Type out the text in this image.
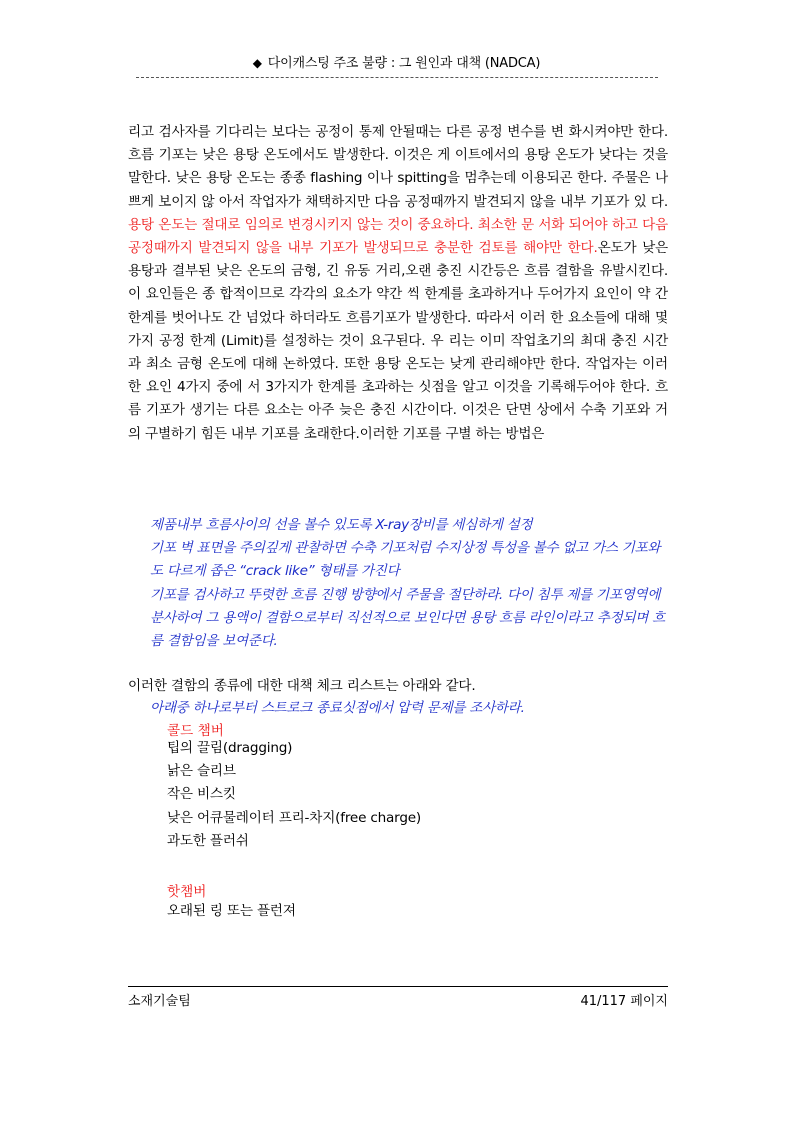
◆ 다이캐스팅 주조 불량 : 그 원인과 대책 (NADCA)
리고 검사자를 기다리는 보다는 공정이 통제 안될때는 다른 공정 변수를 변 화시켜야만 한다. 흐름 기포는 낮은 용탕 온도에서도 발생한다. 이것은 게 이트에서의 용탕 온도가 낮다는 것을 말한다. 낮은 용탕 온도는 종종 flashing 이나 spitting을 멈추는데 이용되곤 한다. 주물은 나쁘게 보이지 않 아서 작업자가 채택하지만 다음 공정때까지 발견되지 않을 내부 기포가 있 다. 용탕 온도는 절대로 임의로 변경시키지 않는 것이 중요하다. 최소한 문 서화 되어야 하고 다음 공정때까지 발견되지 않을 내부 기포가 발생되므로 충분한 검토를 해야만 한다.온도가 낮은 용탕과 결부된 낮은 온도의 금형, 긴 유동 거리,오랜 충진 시간등은 흐름 결함을 유발시킨다. 이 요인들은 종 합적이므로 각각의 요소가 약간 씩 한계를 초과하거나 두어가지 요인이 약 간 한계를 벗어나도 간 넘었다 하더라도 흐름기포가 발생한다. 따라서 이러 한 요소들에 대해 몇 가지 공정 한계 (Limit)를 설정하는 것이 요구된다. 우 리는 이미 작업초기의 최대 충진 시간과 최소 금형 온도에 대해 논하였다. 또한 용탕 온도는 낮게 관리해야만 한다. 작업자는 이러한 요인 4가지 중에 서 3가지가 한계를 초과하는 싯점을 알고 이것을 기록해두어야 한다. 흐름 기포가 생기는 다른 요소는 아주 늦은 충진 시간이다. 이것은 단면 상에서 수축 기포와 거의 구별하기 힘든 내부 기포를 초래한다.이러한 기포를 구별 하는 방법은
제품내부 흐름사이의 선을 볼수 있도록 X-ray장비를 세심하게 설정
기포 벽 표면을 주의깊게 관찰하면 수축 기포처럼 수지상정 특성을 볼수 없고 가스 기포와도 다르게 좁은 “crack like” 형태를 가진다
기포를 검사하고 뚜렷한 흐름 진행 방향에서 주물을 절단하라. 다이 침투 제를 기포영역에 분사하여 그 용액이 결함으로부터 직선적으로 보인다면 용탕 흐름 라인이라고 추정되며 흐름 결함임을 보여준다.
이러한 결함의 종류에 대한 대책 체크 리스트는 아래와 같다.
아래중 하나로부터 스트로크 종료싯점에서 압력 문제를 조사하라.
콜드 챔버
팁의 끌림(dragging)
낡은 슬리브
작은 비스킷
낮은 어큐물레이터 프리-차지(free charge)
과도한 플러쉬
핫챔버
오래된 링 또는 플런져
소재기술팀	41/117 페이지
